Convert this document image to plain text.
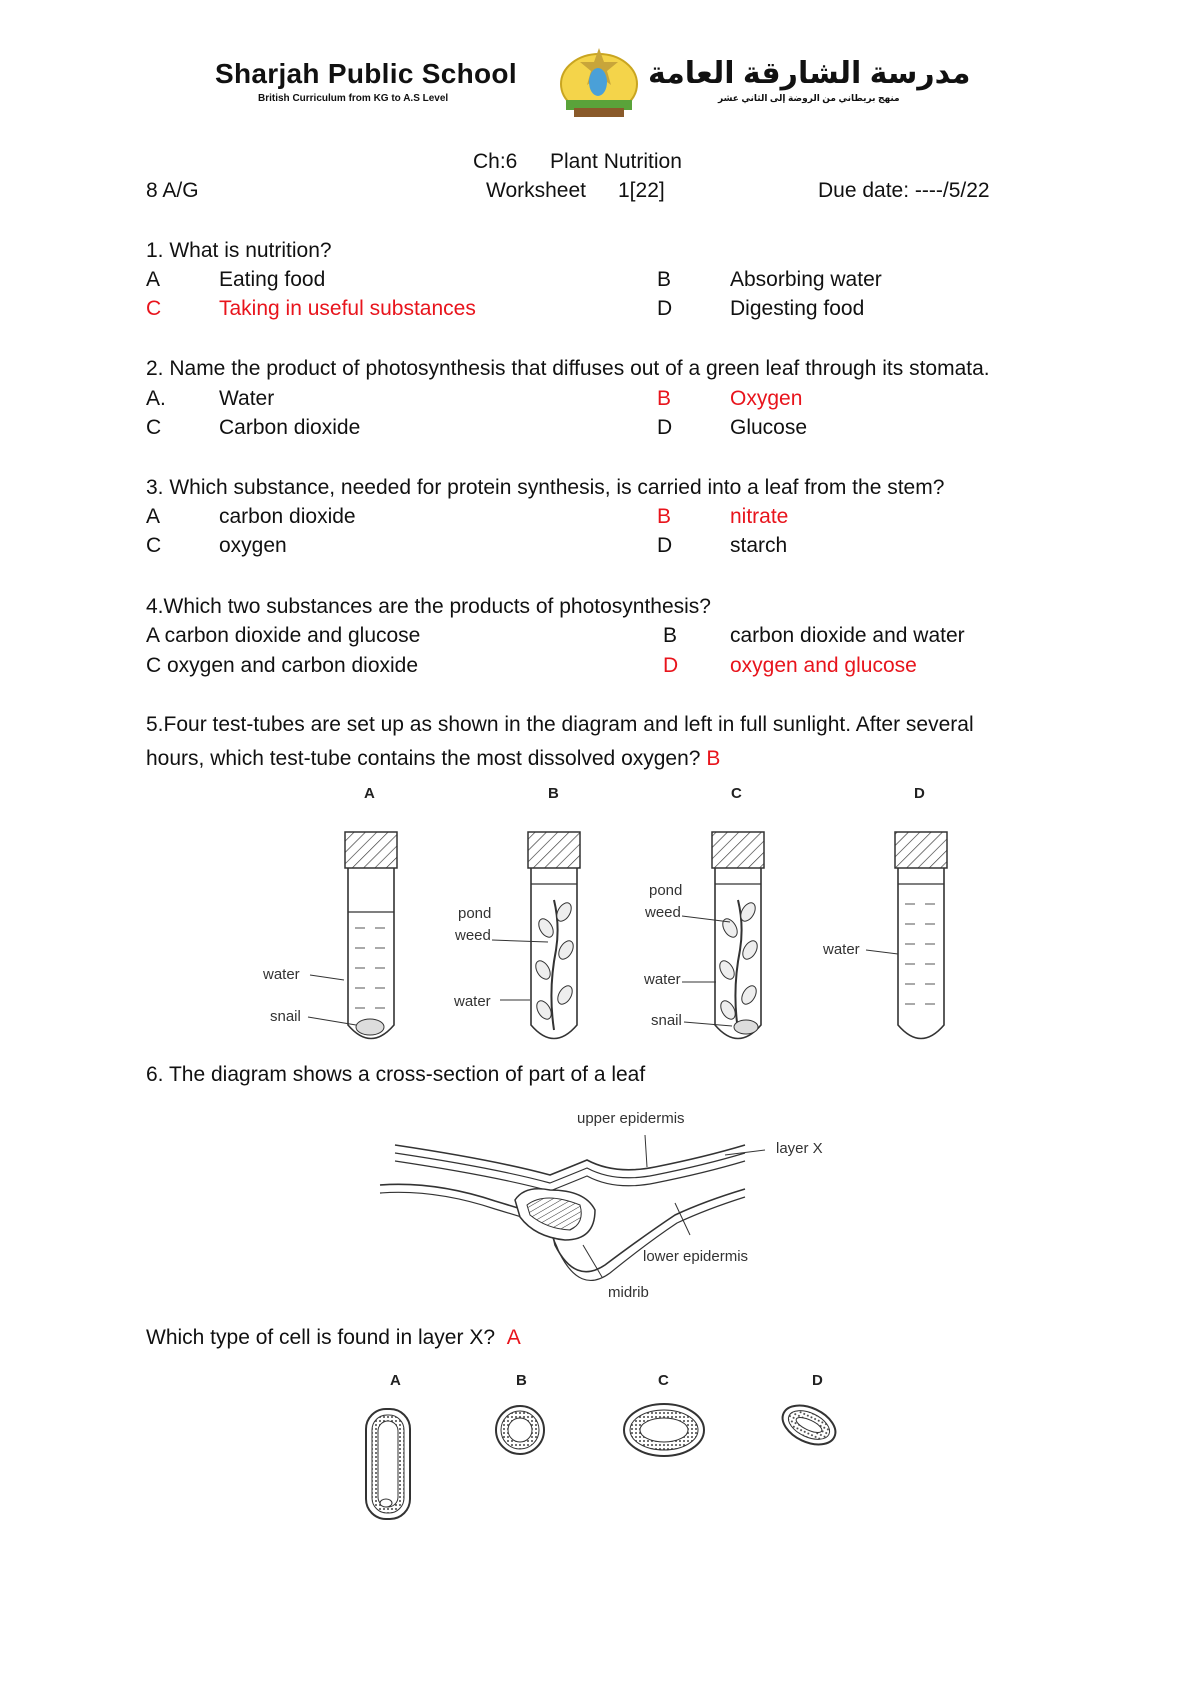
Sharjah Public School
British Curriculum from KG to A.S Level
مدرسة الشارقة العامة
منهج بريطاني من الروضة إلى الثاني عشر
Ch:6 Plant Nutrition
8 A/G	Worksheet 1[22]	Due date: ----/5/22
1. What is nutrition?
A	Eating food	B	Absorbing water
C	Taking in useful substances	D	Digesting food
2. Name the product of photosynthesis that diffuses out of a green leaf through its stomata.
A.	Water	B	Oxygen
C	Carbon dioxide	D	Glucose
3. Which substance, needed for protein synthesis, is carried into a leaf from the stem?
A	carbon dioxide	B	nitrate
C	oxygen	D	starch
4.Which two substances are the products of photosynthesis?
A carbon dioxide and glucose	B	carbon dioxide and water
C oxygen and carbon dioxide	D oxygen and glucose
5.Four test-tubes are set up as shown in the diagram and left in full sunlight. After several
hours, which test-tube contains the most dissolved oxygen? B
A	B	C	D
water
snail
pond
weed
water
pond
weed
water
snail
water
6. The diagram shows a cross-section of part of a leaf
upper epidermis
layer X
lower epidermis
midrib
Which type of cell is found in layer X? A
A	B	C	D
